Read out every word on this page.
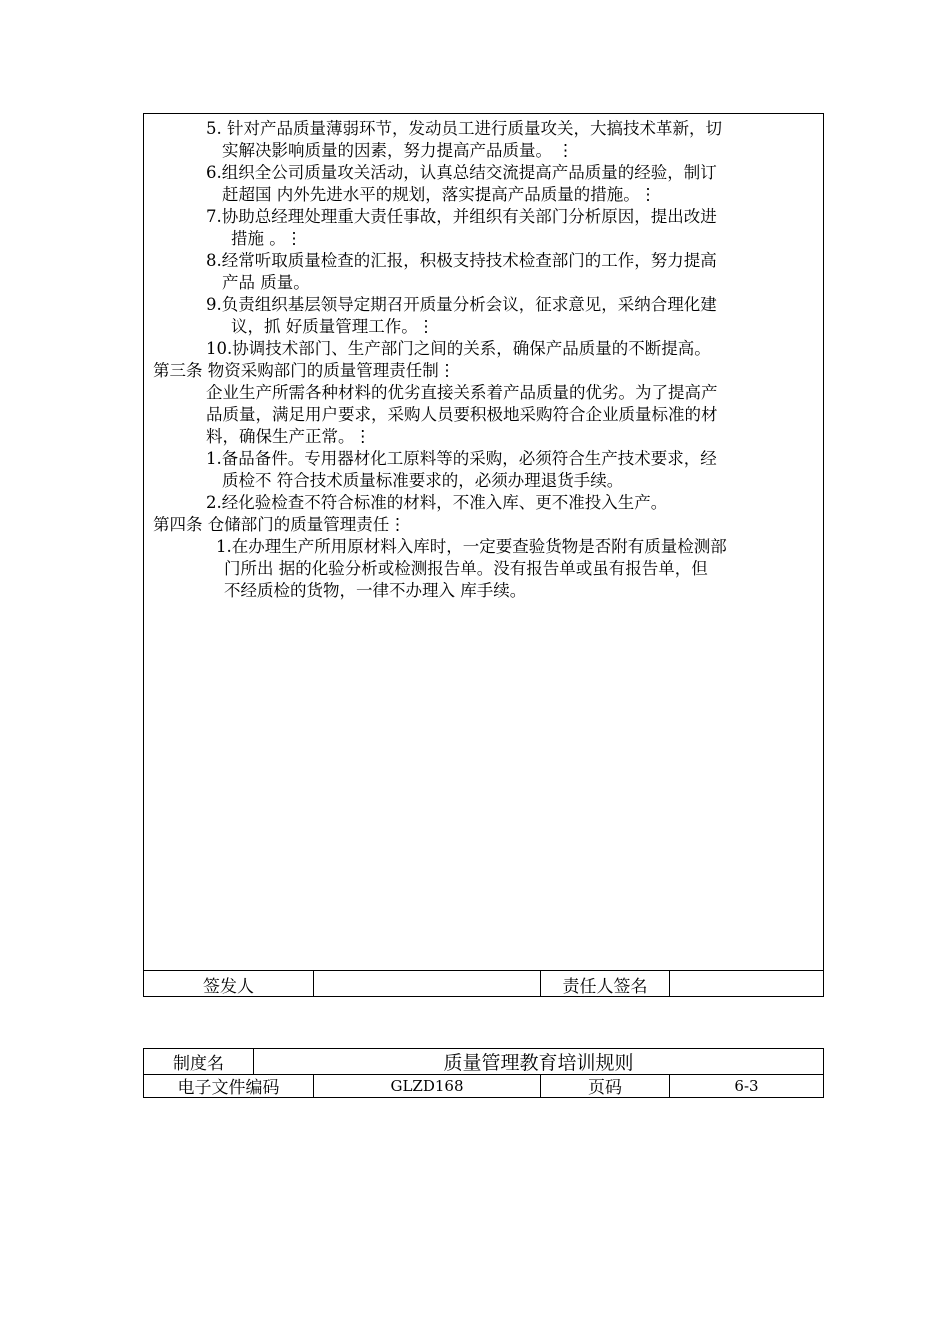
5. 针对产品质量薄弱环节，发动员工进行质量攻关，大搞技术革新，切
实解决影响质量的因素，努力提高产品质量。 ⋮
6.组织全公司质量攻关活动，认真总结交流提高产品质量的经验，制订
赶超国 内外先进水平的规划，落实提高产品质量的措施。⋮
7.协助总经理处理重大责任事故，并组织有关部门分析原因，提出改进
措施 。⋮
8.经常听取质量检查的汇报，积极支持技术检查部门的工作，努力提高
产品 质量。
9.负责组织基层领导定期召开质量分析会议，征求意见，采纳合理化建
议，抓 好质量管理工作。⋮
10.协调技术部门、生产部门之间的关系，确保产品质量的不断提高。
第三条 物资采购部门的质量管理责任制⋮
企业生产所需各种材料的优劣直接关系着产品质量的优劣。为了提高产
品质量，满足用户要求，采购人员要积极地采购符合企业质量标准的材
料，确保生产正常。⋮
1.备品备件。专用器材化工原料等的采购，必须符合生产技术要求，经
质检不 符合技术质量标准要求的，必须办理退货手续。
2.经化验检查不符合标准的材料，不准入库、更不准投入生产。
第四条 仓储部门的质量管理责任⋮
1.在办理生产所用原材料入库时，一定要查验货物是否附有质量检测部
门所出 据的化验分析或检测报告单。没有报告单或虽有报告单，但
不经质检的货物，一律不办理入 库手续。
签发人	责任人签名
制度名	质量管理教育培训规则
电子文件编码	GLZD168	页码	6-3
